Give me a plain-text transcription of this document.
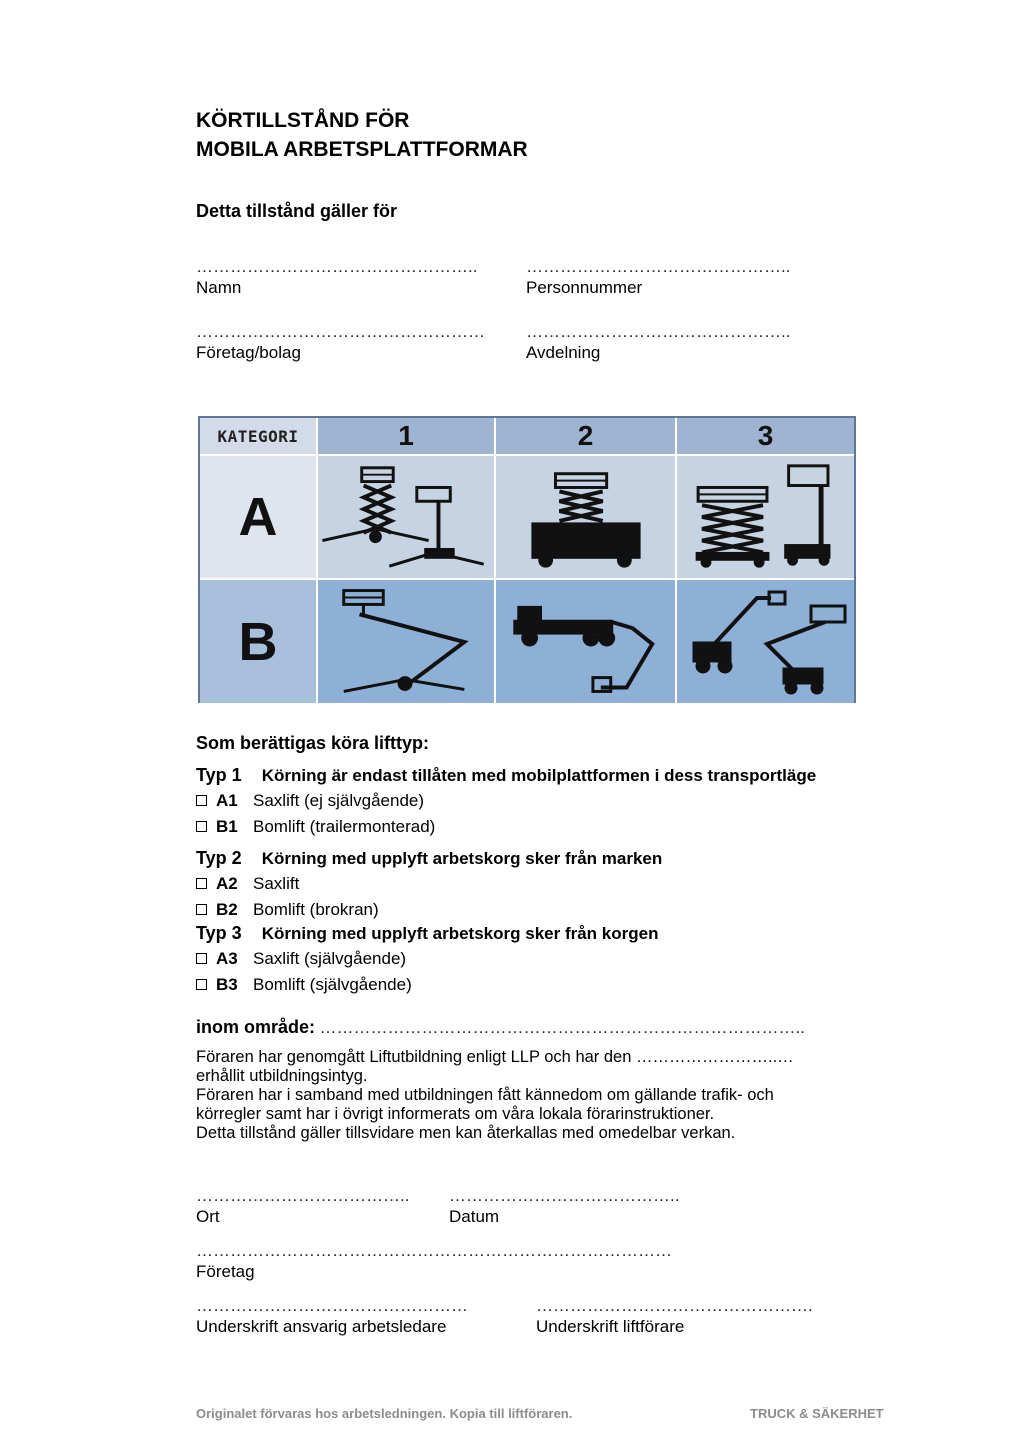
KÖRTILLSTÅND FÖR
MOBILA ARBETSPLATTFORMAR
Detta tillstånd gäller för
…………………………………………..
Namn
………………………………………..
Personnummer
……………………………………………
Företag/bolag
………………………………………..
Avdelning
KATEGORI	1	2	3
A
B
Som berättigas köra lifttyp:
Typ 1 Körning är endast tillåten med mobilplattformen i dess transportläge
A1 Saxlift (ej självgående)
B1 Bomlift (trailermonterad)
Typ 2 Körning med upplyft arbetskorg sker från marken
A2 Saxlift
B2 Bomlift (brokran)
Typ 3 Körning med upplyft arbetskorg sker från korgen
A3 Saxlift (självgående)
B3 Bomlift (självgående)
inom område: …………………………………………………………………………..
Föraren har genomgått Liftutbildning enligt LLP och har den ……………………..…
erhållit utbildningsintyg.
Föraren har i samband med utbildningen fått kännedom om gällande trafik- och
körregler samt har i övrigt informerats om våra lokala förarinstruktioner.
Detta tillstånd gäller tillsvidare men kan återkallas med omedelbar verkan.
………………………………..
Ort
…………………………………..
Datum
…………………………………………………………………………
Företag
…………………………………………
Underskrift ansvarig arbetsledare
………………………………………….
Underskrift liftförare
Originalet förvaras hos arbetsledningen. Kopia till liftföraren.	TRUCK & SÄKERHET
